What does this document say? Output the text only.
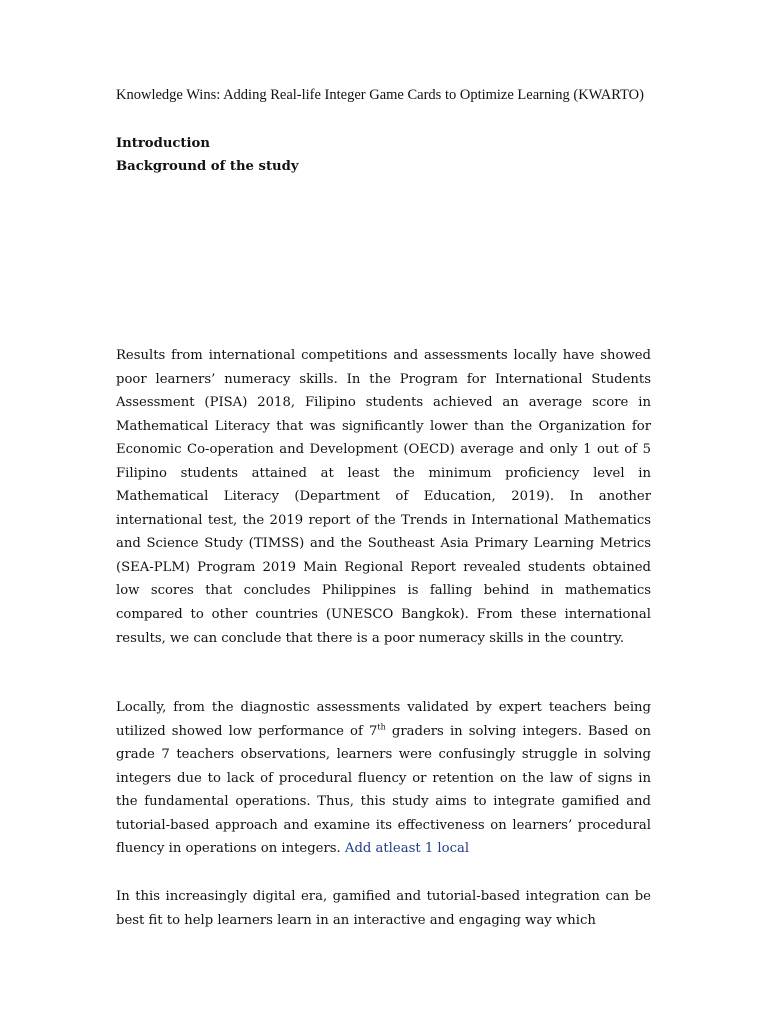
Knowledge Wins: Adding Real-life Integer Game Cards to Optimize Learning (KWARTO)

Introduction

Background of the study

Results from international competitions and assessments locally have showed poor learners’ numeracy skills. In the Program for International Students Assessment (PISA) 2018, Filipino students achieved an average score in Mathematical Literacy that was significantly lower than the Organization for Economic Co-operation and Development (OECD) average and only 1 out of 5 Filipino students attained at least the minimum proficiency level in Mathematical Literacy (Department of Education, 2019). In another international test, the 2019 report of the Trends in International Mathematics and Science Study (TIMSS) and the Southeast Asia Primary Learning Metrics (SEA-PLM) Program 2019 Main Regional Report revealed students obtained low scores that concludes Philippines is falling behind in mathematics compared to other countries (UNESCO Bangkok). From these international results, we can conclude that there is a poor numeracy skills in the country.

Locally, from the diagnostic assessments validated by expert teachers being utilized showed low performance of 7th graders in solving integers. Based on grade 7 teachers observations, learners were confusingly struggle in solving integers due to lack of procedural fluency or retention on the law of signs in the fundamental operations. Thus, this study aims to integrate gamified and tutorial-based approach and examine its effectiveness on learners’ procedural fluency in operations on integers. Add atleast 1 local

In this increasingly digital era, gamified and tutorial-based integration can be best fit to help learners learn in an interactive and engaging way which
